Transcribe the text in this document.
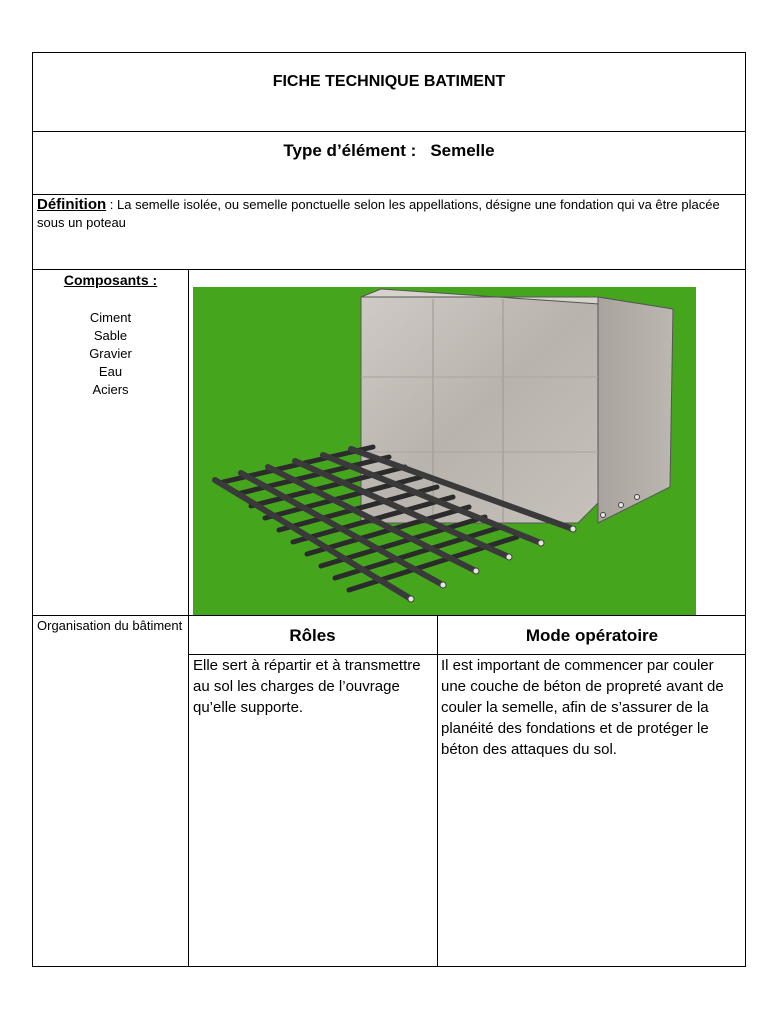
FICHE TECHNIQUE BATIMENT
Type d’élément : Semelle
Définition : La semelle isolée, ou semelle ponctuelle selon les appellations, désigne une fondation qui va être placée sous un poteau
Composants :
Ciment
Sable
Gravier
Eau
Aciers
Organisation du bâtiment
Rôles	Mode opératoire
Elle sert à répartir et à transmettre au sol les charges de l’ouvrage qu’elle supporte.
Il est important de commencer par couler une couche de béton de propreté avant de couler la semelle, afin de s’assurer de la planéité des fondations et de protéger le béton des attaques du sol.
